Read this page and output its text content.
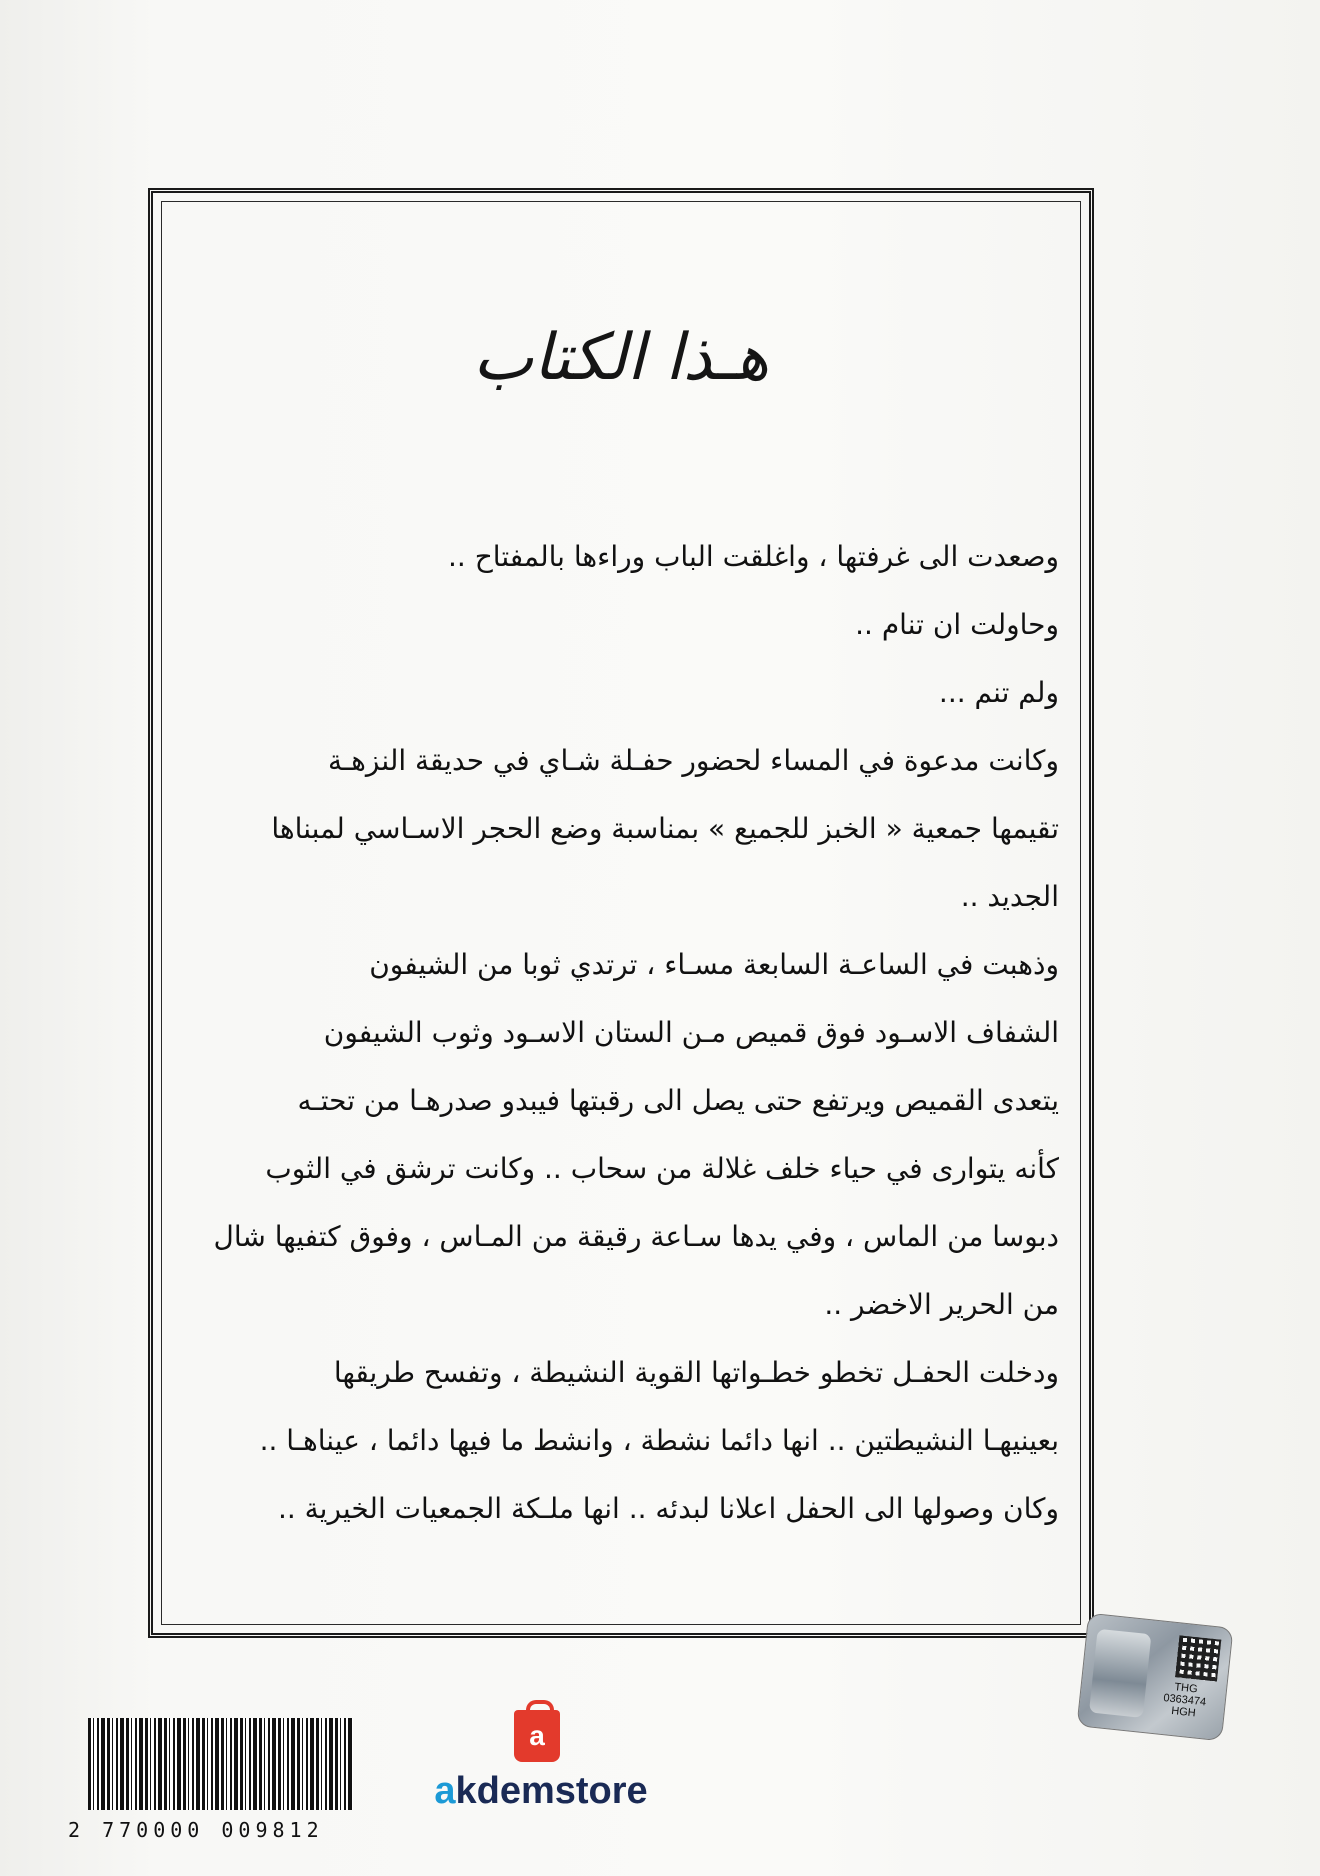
هـذا الكتاب
وصعدت الى غرفتها ، واغلقت الباب وراءها بالمفتاح ..
وحاولت ان تنام ..
ولم تنم ...
وكانت مدعوة في المساء لحضور حفـلة شـاي في حديقة النزهـة
تقيمها جمعية « الخبز للجميع » بمناسبة وضع الحجر الاسـاسي لمبناها
الجديد ..
وذهبت في الساعـة السابعة مسـاء ، ترتدي ثوبا من الشيفون
الشفاف الاسـود فوق قميص مـن الستان الاسـود وثوب الشيفون
يتعدى القميص ويرتفع حتى يصل الى رقبتها فيبدو صدرهـا من تحتـه
كأنه يتوارى في حياء خلف غلالة من سحاب .. وكانت ترشق في الثوب
دبوسا من الماس ، وفي يدها سـاعة رقيقة من المـاس ، وفوق كتفيها شال
من الحرير الاخضر ..
ودخلت الحفـل تخطو خطـواتها القوية النشيطة ، وتفسح طريقها
بعينيهـا النشيطتين .. انها دائما نشطة ، وانشط ما فيها دائما ، عيناهـا ..
وكان وصولها الى الحفل اعلانا لبدئه .. انها ملـكة الجمعيات الخيرية ..
2 770000 009812
a
akdemstore
THG
0363474
HGH
